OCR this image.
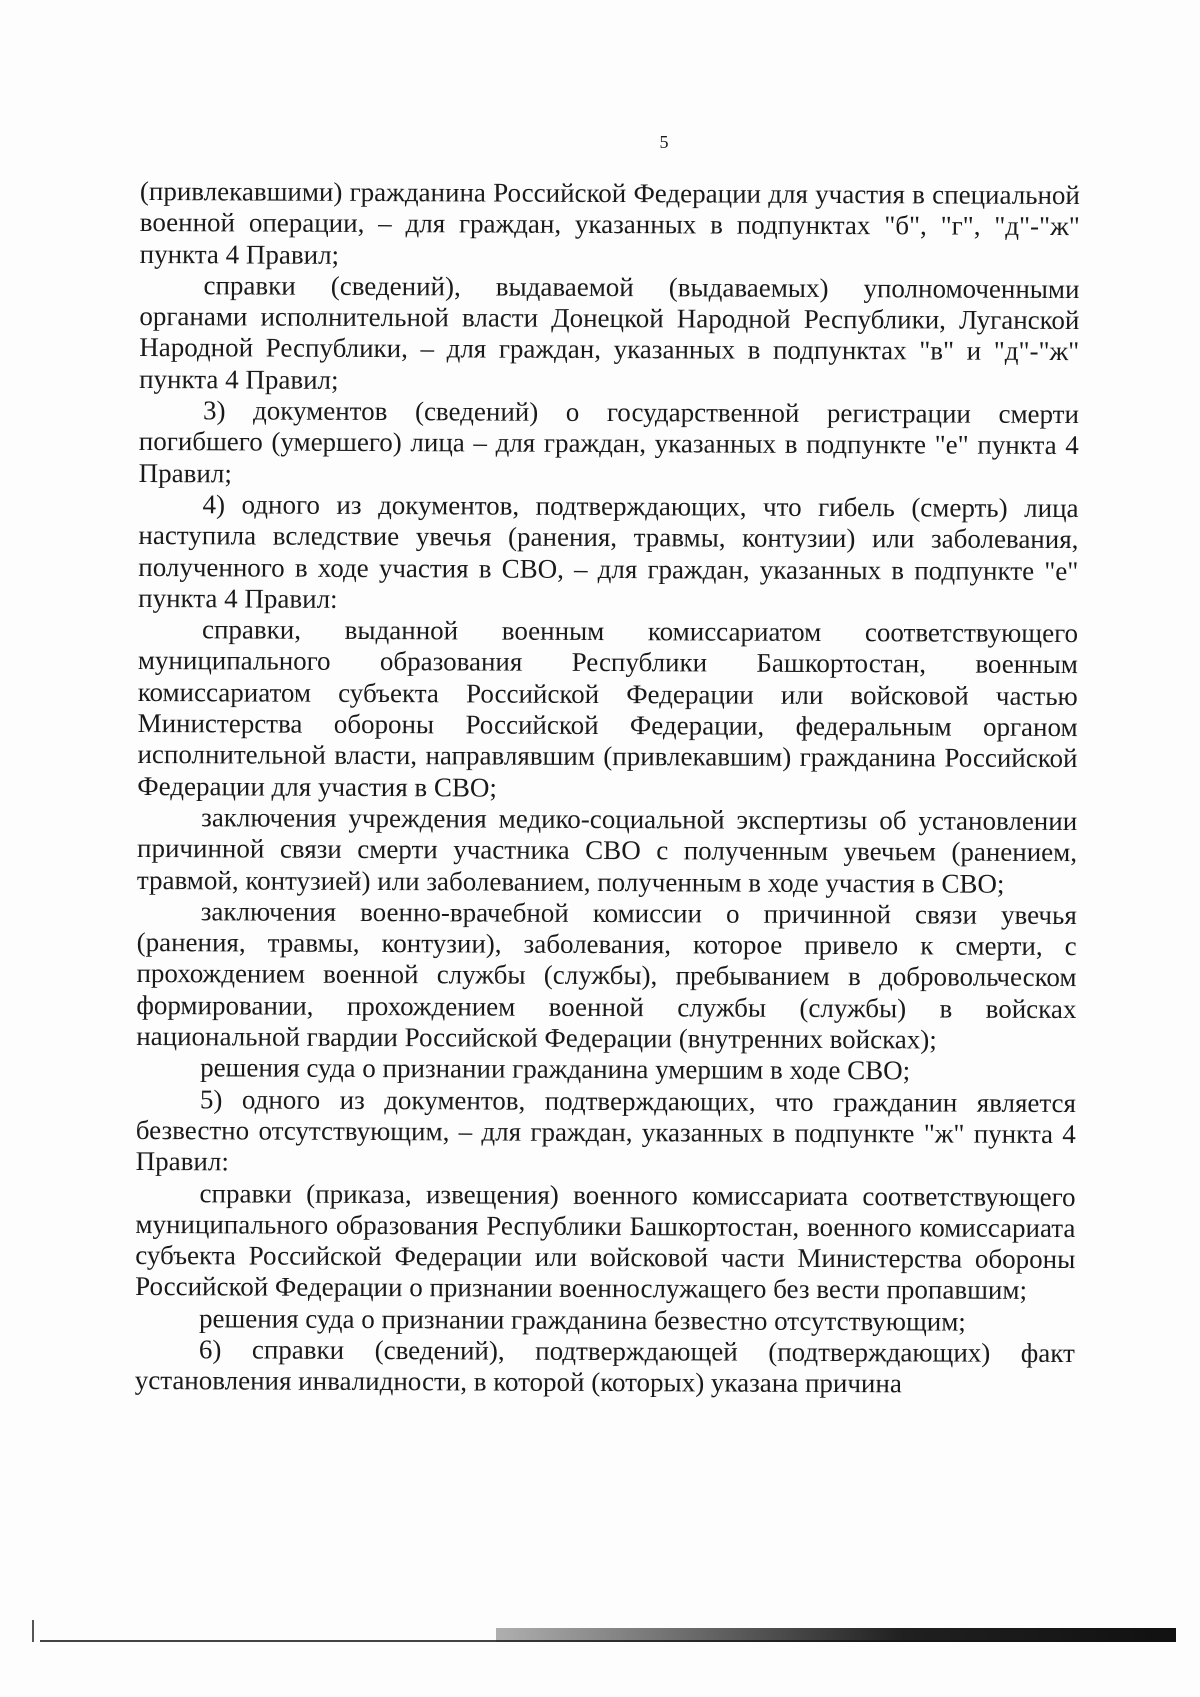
5

(привлекавшими) гражданина Российской Федерации для участия в специальной военной операции, – для граждан, указанных в подпунктах "б", "г", "д"-"ж" пункта 4 Правил;

справки (сведений), выдаваемой (выдаваемых) уполномоченными органами исполнительной власти Донецкой Народной Республики, Луганской Народной Республики, – для граждан, указанных в подпунктах "в" и "д"-"ж" пункта 4 Правил;

3) документов (сведений) о государственной регистрации смерти погибшего (умершего) лица – для граждан, указанных в подпункте "е" пункта 4 Правил;

4) одного из документов, подтверждающих, что гибель (смерть) лица наступила вследствие увечья (ранения, травмы, контузии) или заболевания, полученного в ходе участия в СВО, – для граждан, указанных в подпункте "е" пункта 4 Правил:

справки, выданной военным комиссариатом соответствующего муниципального образования Республики Башкортостан, военным комиссариатом субъекта Российской Федерации или войсковой частью Министерства обороны Российской Федерации, федеральным органом исполнительной власти, направлявшим (привлекавшим) гражданина Российской Федерации для участия в СВО;

заключения учреждения медико-социальной экспертизы об установлении причинной связи смерти участника СВО с полученным увечьем (ранением, травмой, контузией) или заболеванием, полученным в ходе участия в СВО;

заключения военно-врачебной комиссии о причинной связи увечья (ранения, травмы, контузии), заболевания, которое привело к смерти, с прохождением военной службы (службы), пребыванием в добровольческом формировании, прохождением военной службы (службы) в войсках национальной гвардии Российской Федерации (внутренних войсках);

решения суда о признании гражданина умершим в ходе СВО;

5) одного из документов, подтверждающих, что гражданин является безвестно отсутствующим, – для граждан, указанных в подпункте "ж" пункта 4 Правил:

справки (приказа, извещения) военного комиссариата соответствующего муниципального образования Республики Башкортостан, военного комиссариата субъекта Российской Федерации или войсковой части Министерства обороны Российской Федерации о признании военнослужащего без вести пропавшим;

решения суда о признании гражданина безвестно отсутствующим;

6) справки (сведений), подтверждающей (подтверждающих) факт установления инвалидности, в которой (которых) указана причина
